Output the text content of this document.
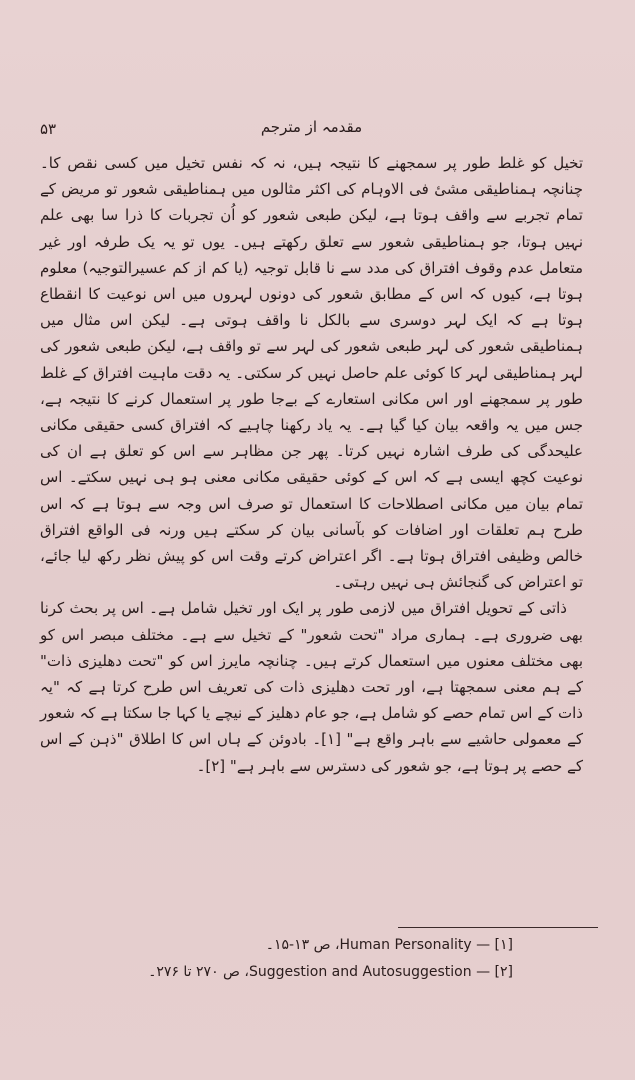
۵۳	مقدمہ از مترجم

تخیل کو غلط طور پر سمجھنے کا نتیجہ ہیں، نہ کہ نفس تخیل میں کسی نقص کا۔ چنانچہ ہمناطیقی مشیٔ فی الاوہام کی اکثر مثالوں میں ہمناطیقی شعور تو مریض کے تمام تجربے سے واقف ہوتا ہے، لیکن طبعی شعور کو اُن تجربات کا ذرا سا بھی علم نہیں ہوتا، جو ہمناطیقی شعور سے تعلق رکھتے ہیں۔ یوں تو یہ یک طرفہ اور غیر متعامل عدم وقوف افتراق کی مدد سے نا قابل توجیہ (یا کم از کم عسیرالتوجیہ) معلوم ہوتا ہے، کیوں کہ اس کے مطابق شعور کی دونوں لہروں میں اس نوعیت کا انقطاع ہوتا ہے کہ ایک لہر دوسری سے بالکل نا واقف ہوتی ہے۔ لیکن اس مثال میں ہمناطیقی شعور کی لہر طبعی شعور کی لہر سے تو واقف ہے، لیکن طبعی شعور کی لہر ہمناطیقی لہر کا کوئی علم حاصل نہیں کر سکتی۔ یہ دقت ماہیت افتراق کے غلط طور پر سمجھنے اور اس مکانی استعارے کے بےجا طور پر استعمال کرنے کا نتیجہ ہے، جس میں یہ واقعہ بیان کیا گیا ہے۔ یہ یاد رکھنا چاہیے کہ افتراق کسی حقیقی مکانی علیحدگی کی طرف اشارہ نہیں کرتا۔ پھر جن مظاہر سے اس کو تعلق ہے ان کی نوعیت کچھ ایسی ہے کہ اس کے کوئی حقیقی مکانی معنی ہو ہی نہیں سکتے۔ اس تمام بیان میں مکانی اصطلاحات کا استعمال تو صرف اس وجہ سے ہوتا ہے کہ اس طرح ہم تعلقات اور اضافات کو بآسانی بیان کر سکتے ہیں ورنہ فی الواقع افتراق خالص وظیفی افتراق ہوتا ہے۔ اگر اعتراض کرتے وقت اس کو پیش نظر رکھ لیا جائے، تو اعتراض کی گنجائش ہی نہیں رہتی۔

ذاتی کے تحویل افتراق میں لازمی طور پر ایک اور تخیل شامل ہے۔ اس پر بحث کرنا بھی ضروری ہے۔ ہماری مراد "تحت شعور" کے تخیل سے ہے۔ مختلف مبصر اس کو بھی مختلف معنوں میں استعمال کرتے ہیں۔ چنانچہ مایرز اس کو "تحت دھلیزی ذات" کے ہم معنی سمجھتا ہے، اور تحت دھلیزی ذات کی تعریف اس طرح کرتا ہے کہ "یہ ذات کے اس تمام حصے کو شامل ہے، جو عام دھلیز کے نیچے یا کہا جا سکتا ہے کہ شعور کے معمولی حاشیے سے باہر واقع ہے" [۱]۔ بادوئن کے ہاں اس کا اطلاق "ذہن کے اس کے حصے پر ہوتا ہے، جو شعور کی دسترس سے باہر ہے" [۲]۔

[۱] — Human Personality، ص ۱۳-۱۵۔

[۲] — Suggestion and Autosuggestion، ص ۲۷۰ تا ۲۷۶۔
